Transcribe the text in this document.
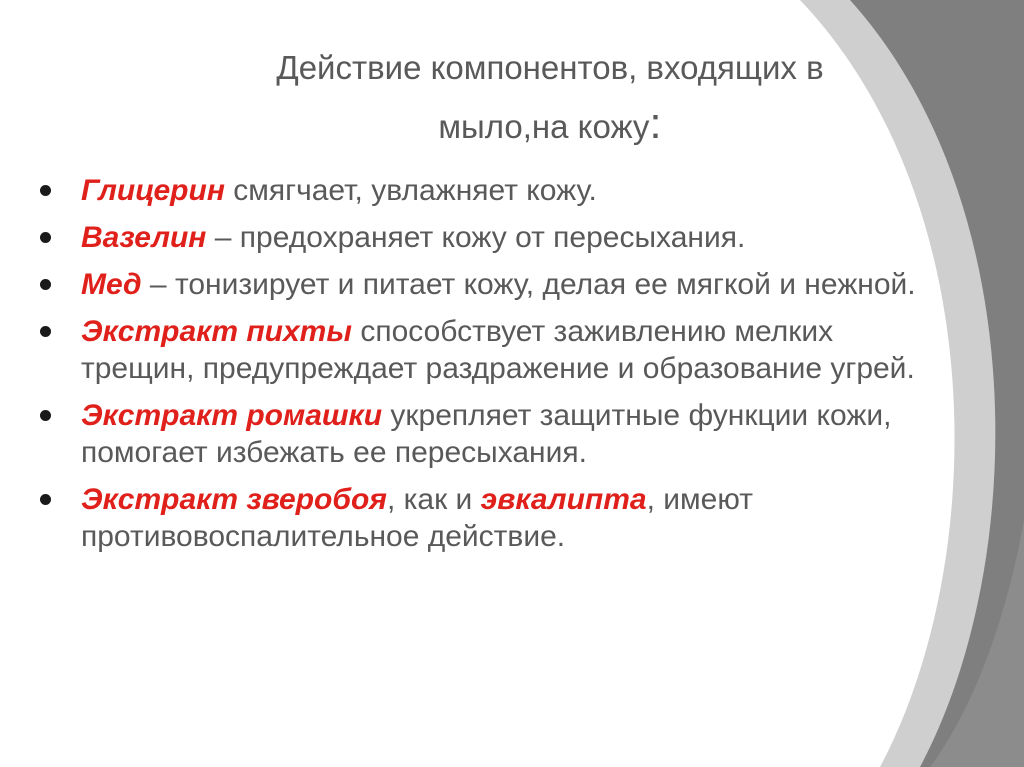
Действие компонентов, входящих в
мыло,на кожу:
Глицерин смягчает, увлажняет кожу.
Вазелин – предохраняет кожу от пересыхания.
Мед – тонизирует и питает кожу, делая ее мягкой и нежной.
Экстракт пихты способствует заживлению мелких трещин, предупреждает раздражение и образование угрей.
Экстракт ромашки укрепляет защитные функции кожи, помогает избежать ее пересыхания.
Экстракт зверобоя, как и эвкалиптa, имеют противовоспалительное действие.
